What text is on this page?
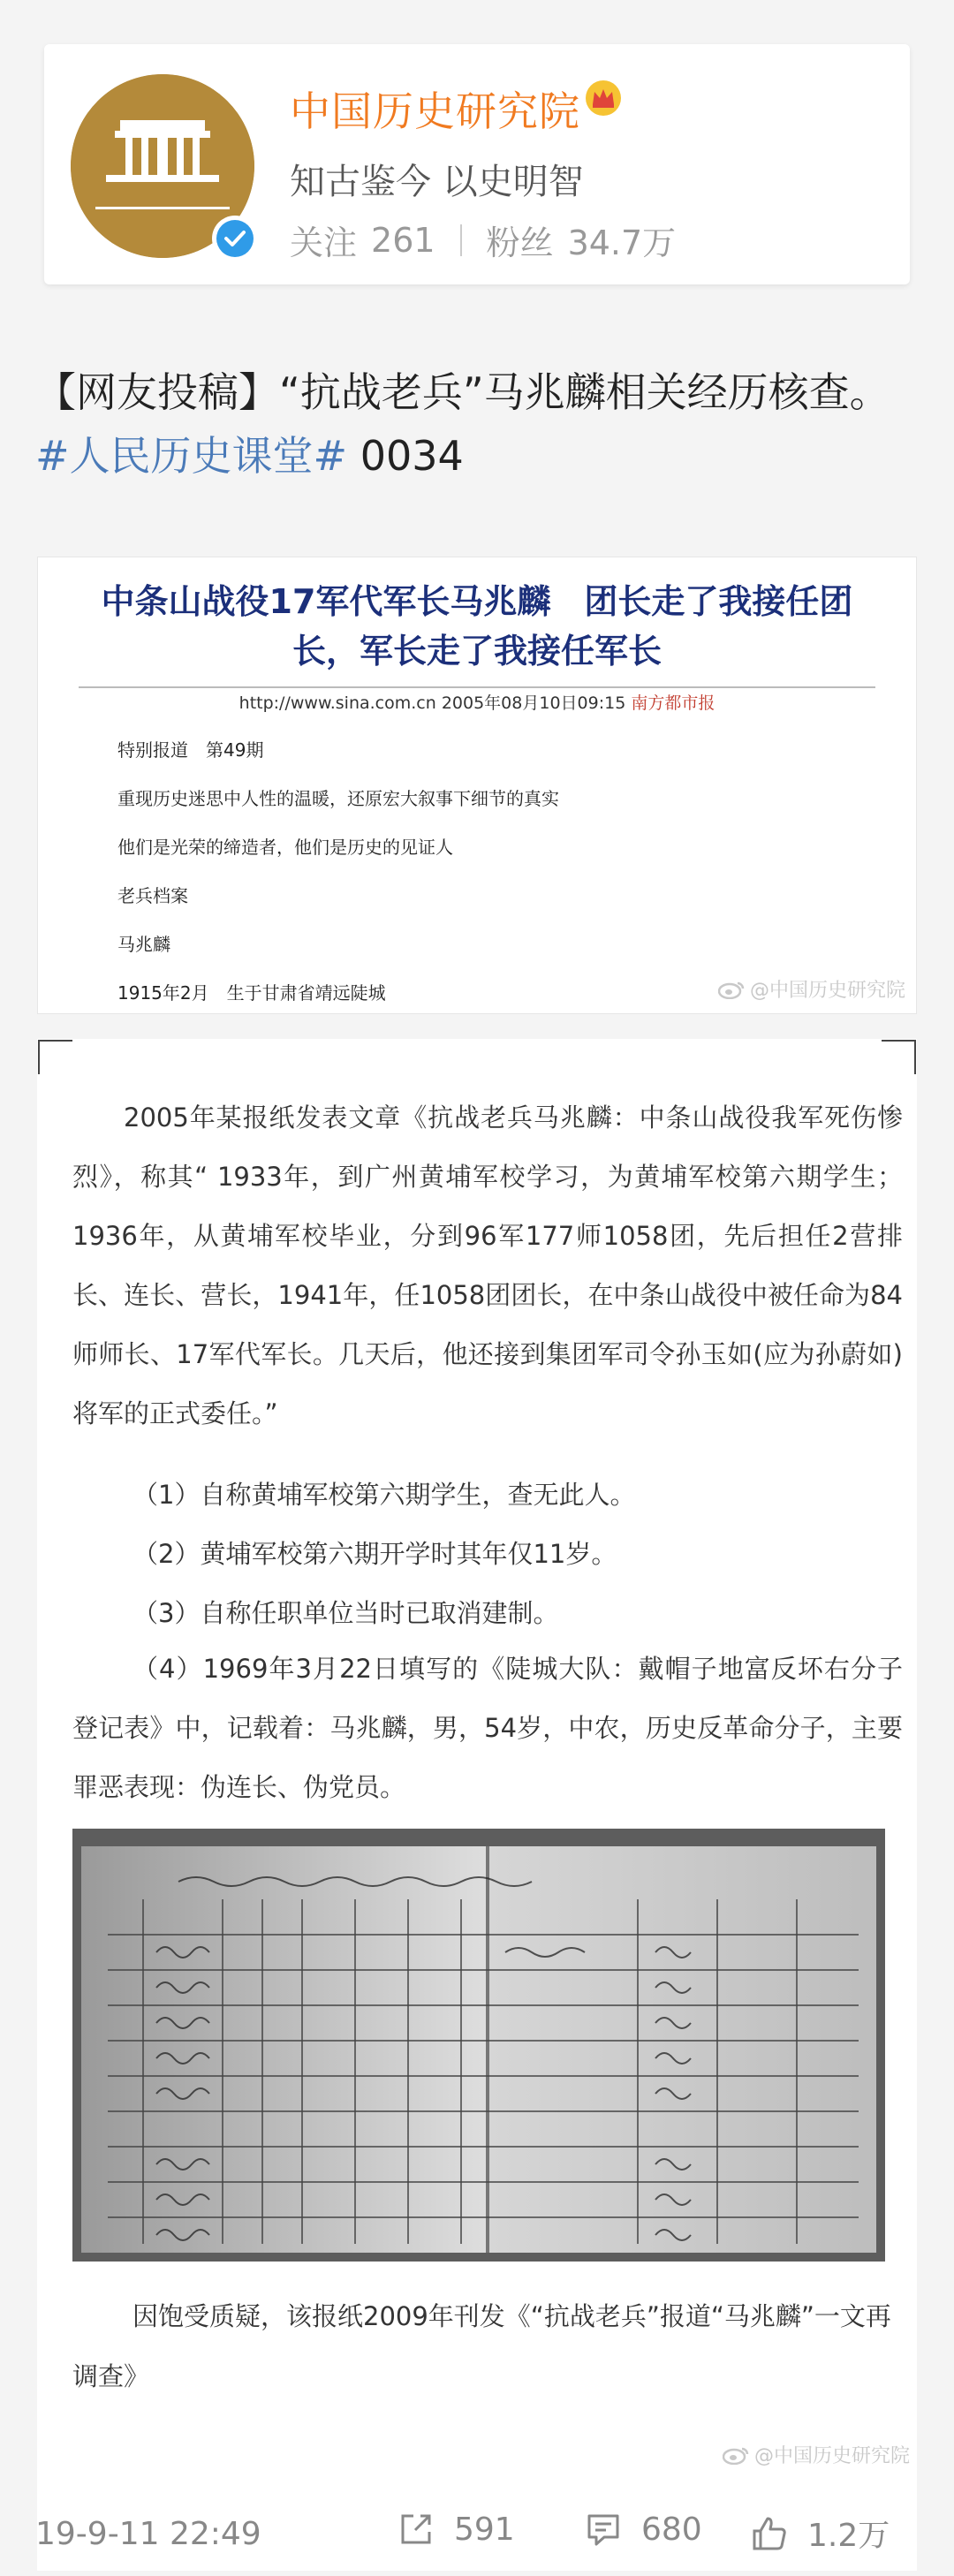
中国历史研究院
知古鉴今 以史明智
关注 261 粉丝 34.7万
【网友投稿】“抗战老兵”马兆麟相关经历核查。#人民历史课堂# 0034
中条山战役17军代军长马兆麟　团长走了我接任团
长，军长走了我接任军长
http://www.sina.com.cn 2005年08月10日09:15 南方都市报
特别报道　第49期
重现历史迷思中人性的温暖，还原宏大叙事下细节的真实
他们是光荣的缔造者，他们是历史的见证人
老兵档案
马兆麟
1915年2月　生于甘肃省靖远陡城	@中国历史研究院
2005年某报纸发表文章《抗战老兵马兆麟：中条山战役我军死伤惨烈》，称其“ 1933年，到广州黄埔军校学习，为黄埔军校第六期学生；1936年，从黄埔军校毕业，分到96军177师1058团，先后担任2营排长、连长、营长，1941年，任1058团团长，在中条山战役中被任命为84师师长、17军代军长。几天后，他还接到集团军司令孙玉如(应为孙蔚如)将军的正式委任。”
（1）自称黄埔军校第六期学生，查无此人。
（2）黄埔军校第六期开学时其年仅11岁。
（3）自称任职单位当时已取消建制。
（4）1969年3月22日填写的《陡城大队：戴帽子地富反坏右分子登记表》中，记载着：马兆麟，男，54岁，中农，历史反革命分子，主要罪恶表现：伪连长、伪党员。
因饱受质疑，该报纸2009年刊发《“抗战老兵”报道“马兆麟”一文再调查》
@中国历史研究院
19-9-11 22:49	591	680	1.2万
